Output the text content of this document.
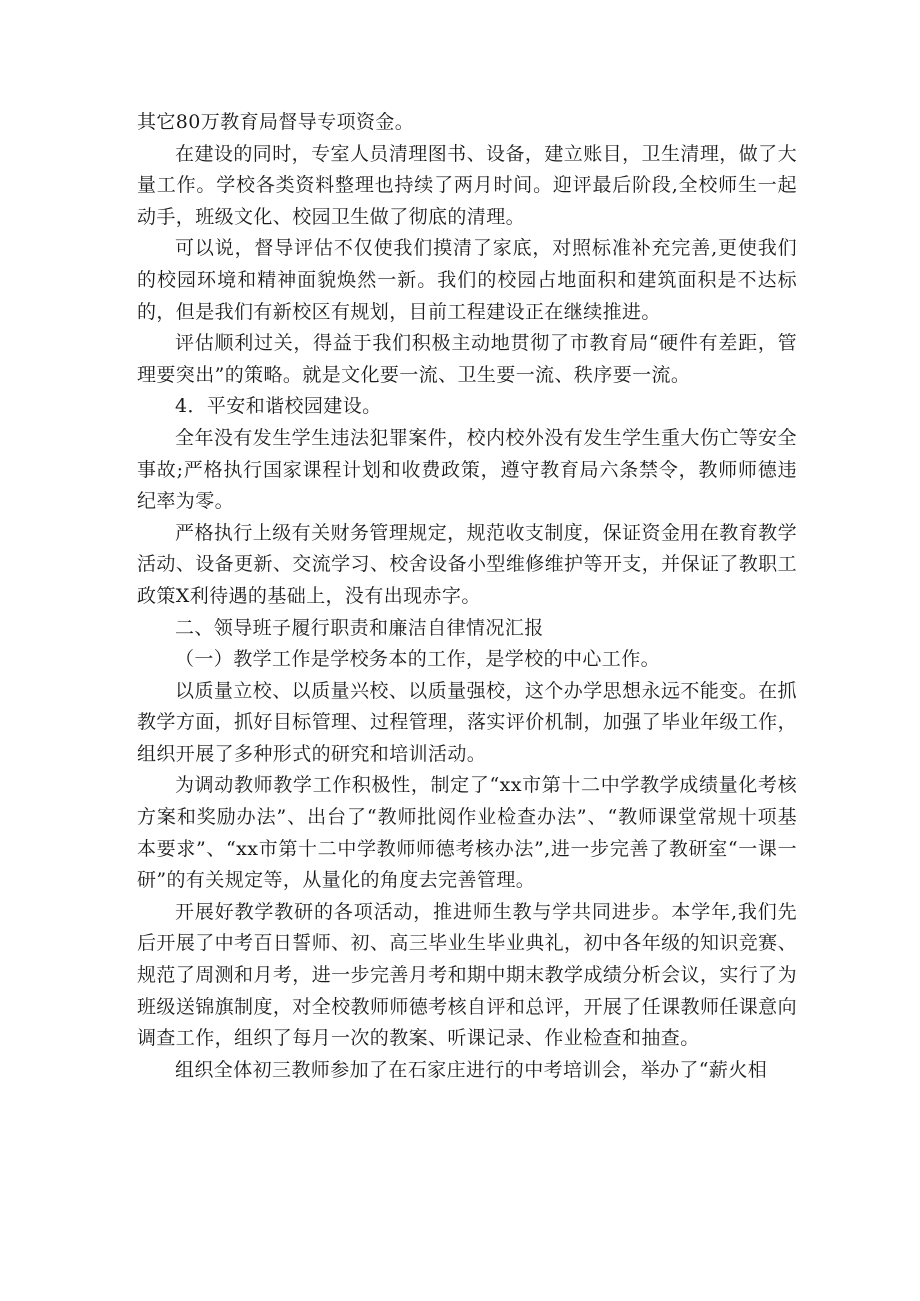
其它80万教育局督导专项资金。

在建设的同时，专室人员清理图书、设备，建立账目，卫生清理，做了大量工作。学校各类资料整理也持续了两月时间。迎评最后阶段,全校师生一起动手，班级文化、校园卫生做了彻底的清理。

可以说，督导评估不仅使我们摸清了家底，对照标准补充完善,更使我们的校园环境和精神面貌焕然一新。我们的校园占地面积和建筑面积是不达标的，但是我们有新校区有规划，目前工程建设正在继续推进。

评估顺利过关，得益于我们积极主动地贯彻了市教育局“硬件有差距，管理要突出”的策略。就是文化要一流、卫生要一流、秩序要一流。

4．平安和谐校园建设。

全年没有发生学生违法犯罪案件，校内校外没有发生学生重大伤亡等安全事故;严格执行国家课程计划和收费政策，遵守教育局六条禁令，教师师德违纪率为零。

严格执行上级有关财务管理规定，规范收支制度，保证资金用在教育教学活动、设备更新、交流学习、校舍设备小型维修维护等开支，并保证了教职工政策X利待遇的基础上，没有出现赤字。

二、领导班子履行职责和廉洁自律情况汇报

（一）教学工作是学校务本的工作，是学校的中心工作。

以质量立校、以质量兴校、以质量强校，这个办学思想永远不能变。在抓教学方面，抓好目标管理、过程管理，落实评价机制，加强了毕业年级工作，组织开展了多种形式的研究和培训活动。

为调动教师教学工作积极性，制定了“xx市第十二中学教学成绩量化考核方案和奖励办法”、出台了“教师批阅作业检查办法”、“教师课堂常规十项基本要求”、“xx市第十二中学教师师德考核办法”,进一步完善了教研室“一课一研”的有关规定等，从量化的角度去完善管理。

开展好教学教研的各项活动，推进师生教与学共同进步。本学年,我们先后开展了中考百日誓师、初、高三毕业生毕业典礼，初中各年级的知识竞赛、规范了周测和月考，进一步完善月考和期中期末教学成绩分析会议，实行了为班级送锦旗制度，对全校教师师德考核自评和总评，开展了任课教师任课意向调查工作，组织了每月一次的教案、听课记录、作业检查和抽查。

组织全体初三教师参加了在石家庄进行的中考培训会，举办了“薪火相
